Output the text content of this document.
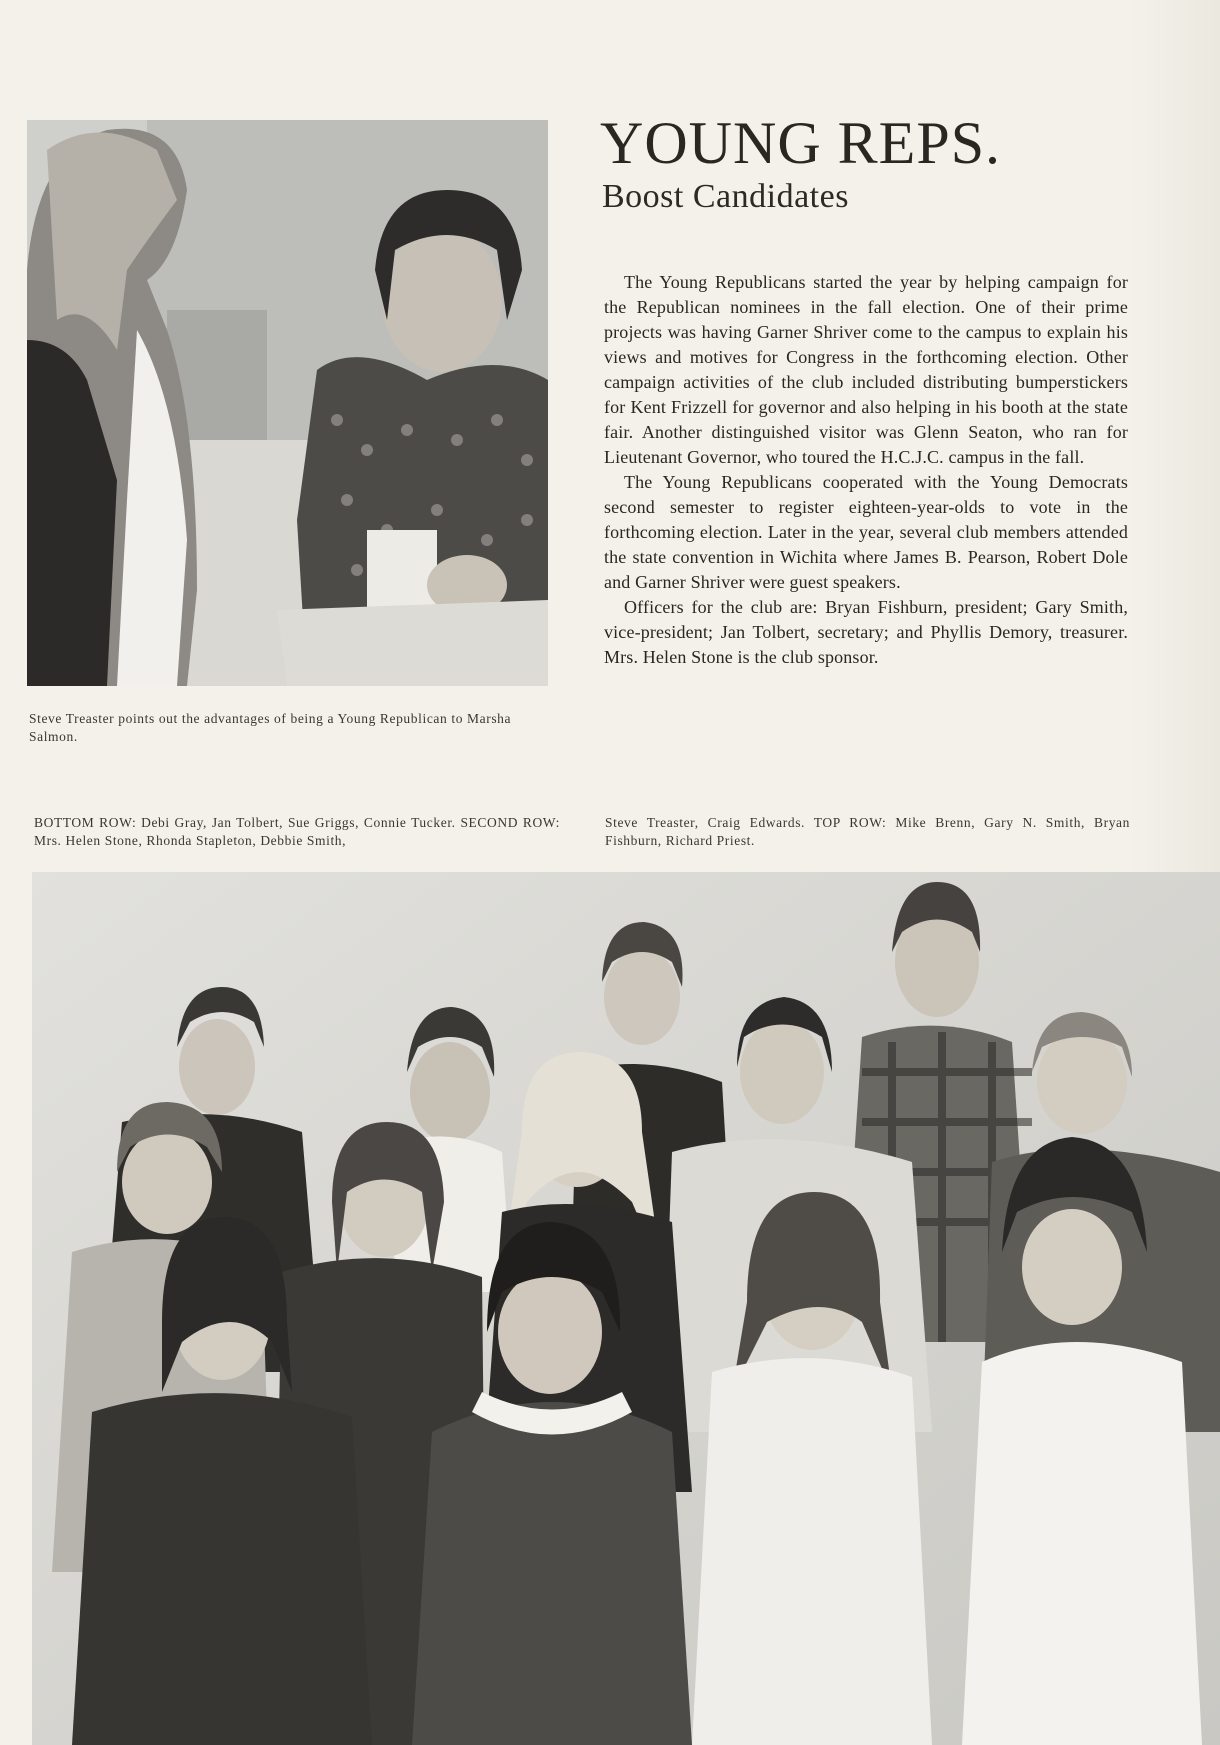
Steve Treaster points out the advantages of being a Young Republican to Marsha Salmon.
YOUNG REPS.
Boost Candidates

The Young Republicans started the year by helping campaign for the Republican nominees in the fall election. One of their prime projects was having Garner Shriver come to the campus to explain his views and motives for Congress in the forthcoming election. Other campaign activities of the club included distributing bumperstickers for Kent Frizzell for governor and also helping in his booth at the state fair. Another distinguished visitor was Glenn Seaton, who ran for Lieutenant Governor, who toured the H.C.J.C. campus in the fall.

The Young Republicans cooperated with the Young Democrats second semester to register eighteen-year-olds to vote in the forthcoming election. Later in the year, several club members attended the state convention in Wichita where James B. Pearson, Robert Dole and Garner Shriver were guest speakers.

Officers for the club are: Bryan Fishburn, president; Gary Smith, vice-president; Jan Tolbert, secretary; and Phyllis Demory, treasurer. Mrs. Helen Stone is the club sponsor.

BOTTOM ROW: Debi Gray, Jan Tolbert, Sue Griggs, Connie Tucker. SECOND ROW: Mrs. Helen Stone, Rhonda Stapleton, Debbie Smith,
Steve Treaster, Craig Edwards. TOP ROW: Mike Brenn, Gary N. Smith, Bryan Fishburn, Richard Priest.
